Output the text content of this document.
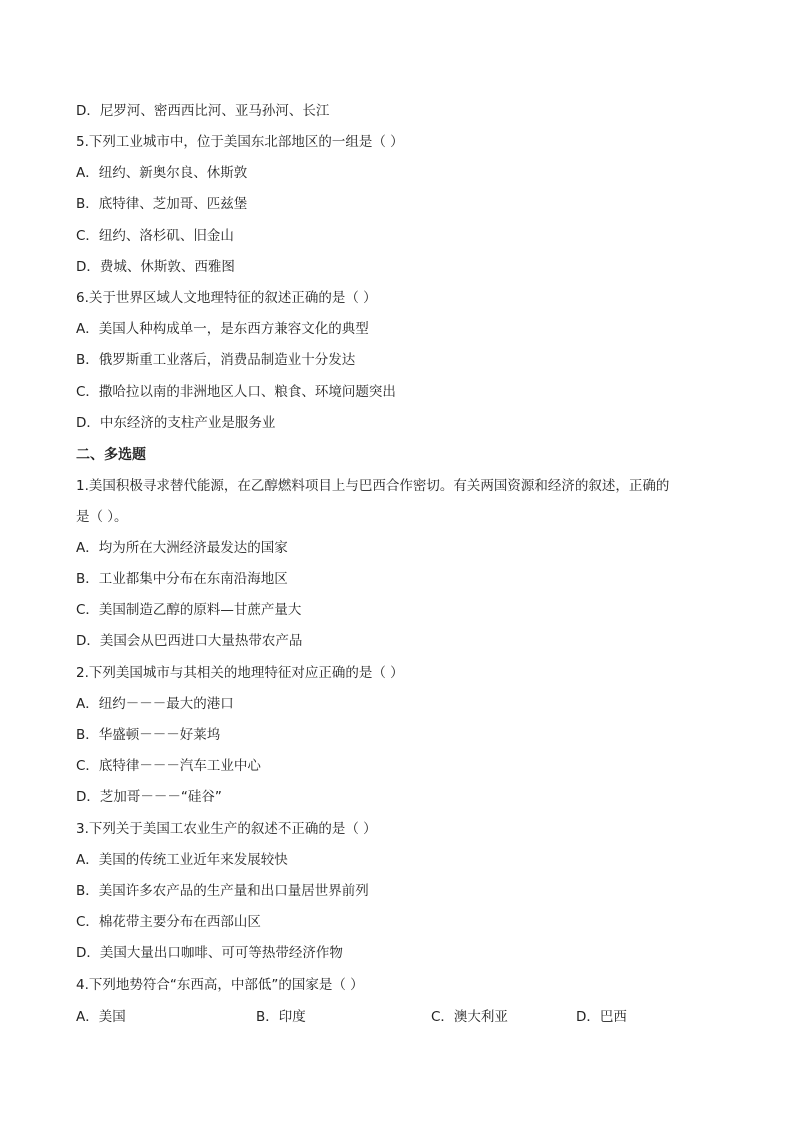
D．尼罗河、密西西比河、亚马孙河、长江
5.下列工业城市中，位于美国东北部地区的一组是（ ）
A．纽约、新奥尔良、休斯敦
B．底特律、芝加哥、匹兹堡
C．纽约、洛杉矶、旧金山
D．费城、休斯敦、西雅图
6.关于世界区域人文地理特征的叙述正确的是（ ）
A．美国人种构成单一，是东西方兼容文化的典型
B．俄罗斯重工业落后，消费品制造业十分发达
C．撒哈拉以南的非洲地区人口、粮食、环境问题突出
D．中东经济的支柱产业是服务业
二、多选题
1.美国积极寻求替代能源，在乙醇燃料项目上与巴西合作密切。有关两国资源和经济的叙述，正确的
是（ ）。
A．均为所在大洲经济最发达的国家
B．工业都集中分布在东南沿海地区
C．美国制造乙醇的原料—甘蔗产量大
D．美国会从巴西进口大量热带农产品
2.下列美国城市与其相关的地理特征对应正确的是（ ）
A．纽约－－－最大的港口
B．华盛顿－－－好莱坞
C．底特律－－－汽车工业中心
D．芝加哥－－－“硅谷”
3.下列关于美国工农业生产的叙述不正确的是（ ）
A．美国的传统工业近年来发展较快
B．美国许多农产品的生产量和出口量居世界前列
C．棉花带主要分布在西部山区
D．美国大量出口咖啡、可可等热带经济作物
4.下列地势符合“东西高，中部低”的国家是（ ）
A．美国	B．印度	C．澳大利亚	D．巴西
